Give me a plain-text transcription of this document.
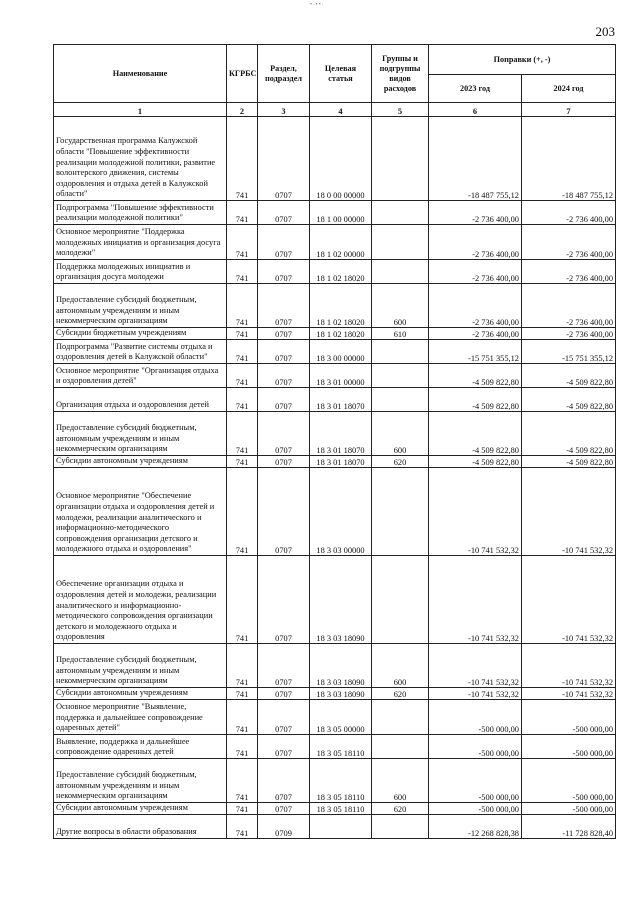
•∙••∙
203
Наименование	КГРБС	Раздел, подраздел	Целевая статья	Группы и подгруппы видов расходов	Поправки (+, -)	
					2023 год	2024 год
1	2	3	4	5	6	7
Государственная программа Калужской области "Повышение эффективности реализации молодежной политики, развитие волонтерского движения, системы оздоровления и отдыха детей в Калужской области"	741	0707	18 0 00 00000		-18 487 755,12	-18 487 755,12
Подпрограмма "Повышение эффективности реализации молодежной политики"	741	0707	18 1 00 00000		-2 736 400,00	-2 736 400,00
Основное мероприятие "Поддержка молодежных инициатив и организация досуга молодежи"	741	0707	18 1 02 00000		-2 736 400,00	-2 736 400,00
Поддержка молодежных инициатив и организация досуга молодежи	741	0707	18 1 02 18020		-2 736 400,00	-2 736 400,00
Предоставление субсидий бюджетным, автономным учреждениям и иным некоммерческим организациям	741	0707	18 1 02 18020	600	-2 736 400,00	-2 736 400,00
Субсидии бюджетным учреждениям	741	0707	18 1 02 18020	610	-2 736 400,00	-2 736 400,00
Подпрограмма "Развитие системы отдыха и оздоровления детей в Калужской области"	741	0707	18 3 00 00000		-15 751 355,12	-15 751 355,12
Основное мероприятие "Организация отдыха и оздоровления детей"	741	0707	18 3 01 00000		-4 509 822,80	-4 509 822,80
Организация отдыха и оздоровления детей	741	0707	18 3 01 18070		-4 509 822,80	-4 509 822,80
Предоставление субсидий бюджетным, автономным учреждениям и иным некоммерческим организациям	741	0707	18 3 01 18070	600	-4 509 822,80	-4 509 822,80
Субсидии автономным учреждениям	741	0707	18 3 01 18070	620	-4 509 822,80	-4 509 822,80
Основное мероприятие "Обеспечение организации отдыха и оздоровления детей и молодежи, реализации аналитического и информационно-методического сопровождения организации детского и молодежного отдыха и оздоровления"	741	0707	18 3 03 00000		-10 741 532,32	-10 741 532,32
Обеспечение организации отдыха и оздоровления детей и молодежи, реализации аналитического и информационно-методического сопровождения организации детского и молодежного отдыха и оздоровления	741	0707	18 3 03 18090		-10 741 532,32	-10 741 532,32
Предоставление субсидий бюджетным, автономным учреждениям и иным некоммерческим организациям	741	0707	18 3 03 18090	600	-10 741 532,32	-10 741 532,32
Субсидии автономным учреждениям	741	0707	18 3 03 18090	620	-10 741 532,32	-10 741 532,32
Основное мероприятие "Выявление, поддержка и дальнейшее сопровождение одаренных детей"	741	0707	18 3 05 00000		-500 000,00	-500 000,00
Выявление, поддержка и дальнейшее сопровождение одаренных детей	741	0707	18 3 05 18110		-500 000,00	-500 000,00
Предоставление субсидий бюджетным, автономным учреждениям и иным некоммерческим организациям	741	0707	18 3 05 18110	600	-500 000,00	-500 000,00
Субсидии автономным учреждениям	741	0707	18 3 05 18110	620	-500 000,00	-500 000,00
Другие вопросы в области образования	741	0709			-12 268 828,38	-11 728 828,40
